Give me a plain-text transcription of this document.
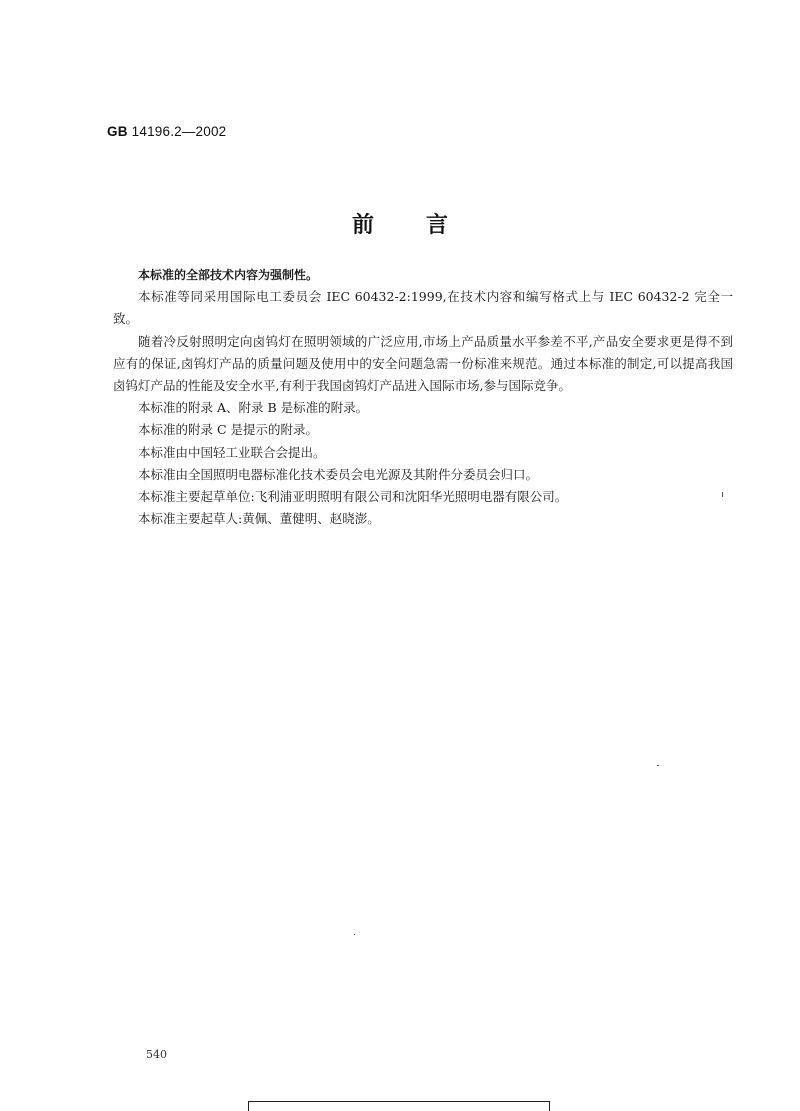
GB 14196.2—2002
前言

本标准的全部技术内容为强制性。

本标准等同采用国际电工委员会 IEC 60432-2:1999,在技术内容和编写格式上与 IEC 60432-2 完全一致。

随着冷反射照明定向卤钨灯在照明领域的广泛应用,市场上产品质量水平参差不平,产品安全要求更是得不到应有的保证,卤钨灯产品的质量问题及使用中的安全问题急需一份标准来规范。通过本标准的制定,可以提高我国卤钨灯产品的性能及安全水平,有利于我国卤钨灯产品进入国际市场,参与国际竞争。

本标准的附录 A、附录 B 是标准的附录。

本标准的附录 C 是提示的附录。

本标准由中国轻工业联合会提出。

本标准由全国照明电器标准化技术委员会电光源及其附件分委员会归口。

本标准主要起草单位:飞利浦亚明照明有限公司和沈阳华光照明电器有限公司。

本标准主要起草人:黄佩、董健明、赵晓澎。

540
